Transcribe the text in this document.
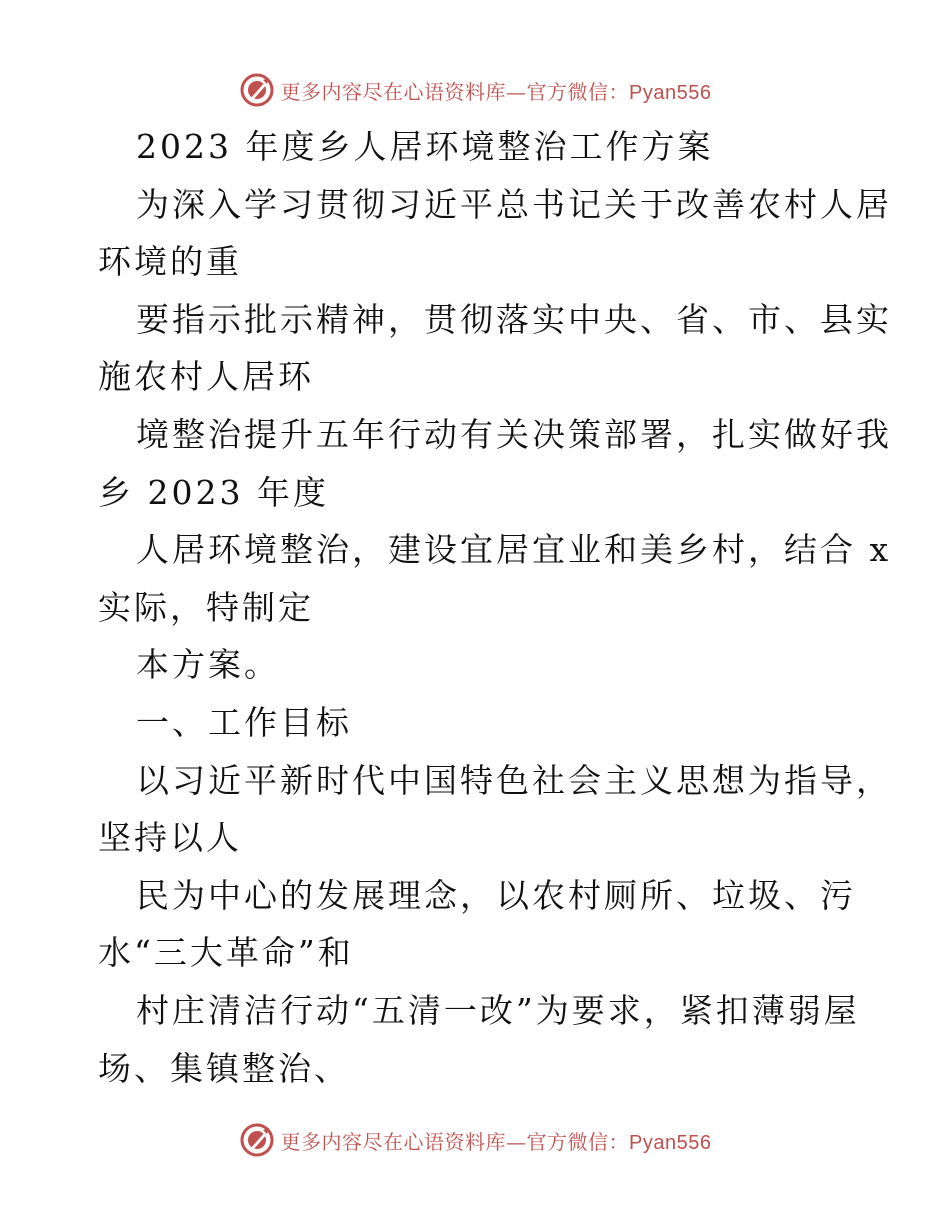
更多内容尽在心语资料库—官方微信：Pyan556
2023 年度乡人居环境整治工作方案
为深入学习贯彻习近平总书记关于改善农村人居
环境的重
要指示批示精神，贯彻落实中央、省、市、县实
施农村人居环
境整治提升五年行动有关决策部署，扎实做好我
乡 2023 年度
人居环境整治，建设宜居宜业和美乡村，结合 x
实际，特制定
本方案。
一、工作目标
以习近平新时代中国特色社会主义思想为指导，
坚持以人
民为中心的发展理念，以农村厕所、垃圾、污
水“三大革命”和
村庄清洁行动“五清一改”为要求，紧扣薄弱屋
场、集镇整治、
更多内容尽在心语资料库—官方微信：Pyan556
